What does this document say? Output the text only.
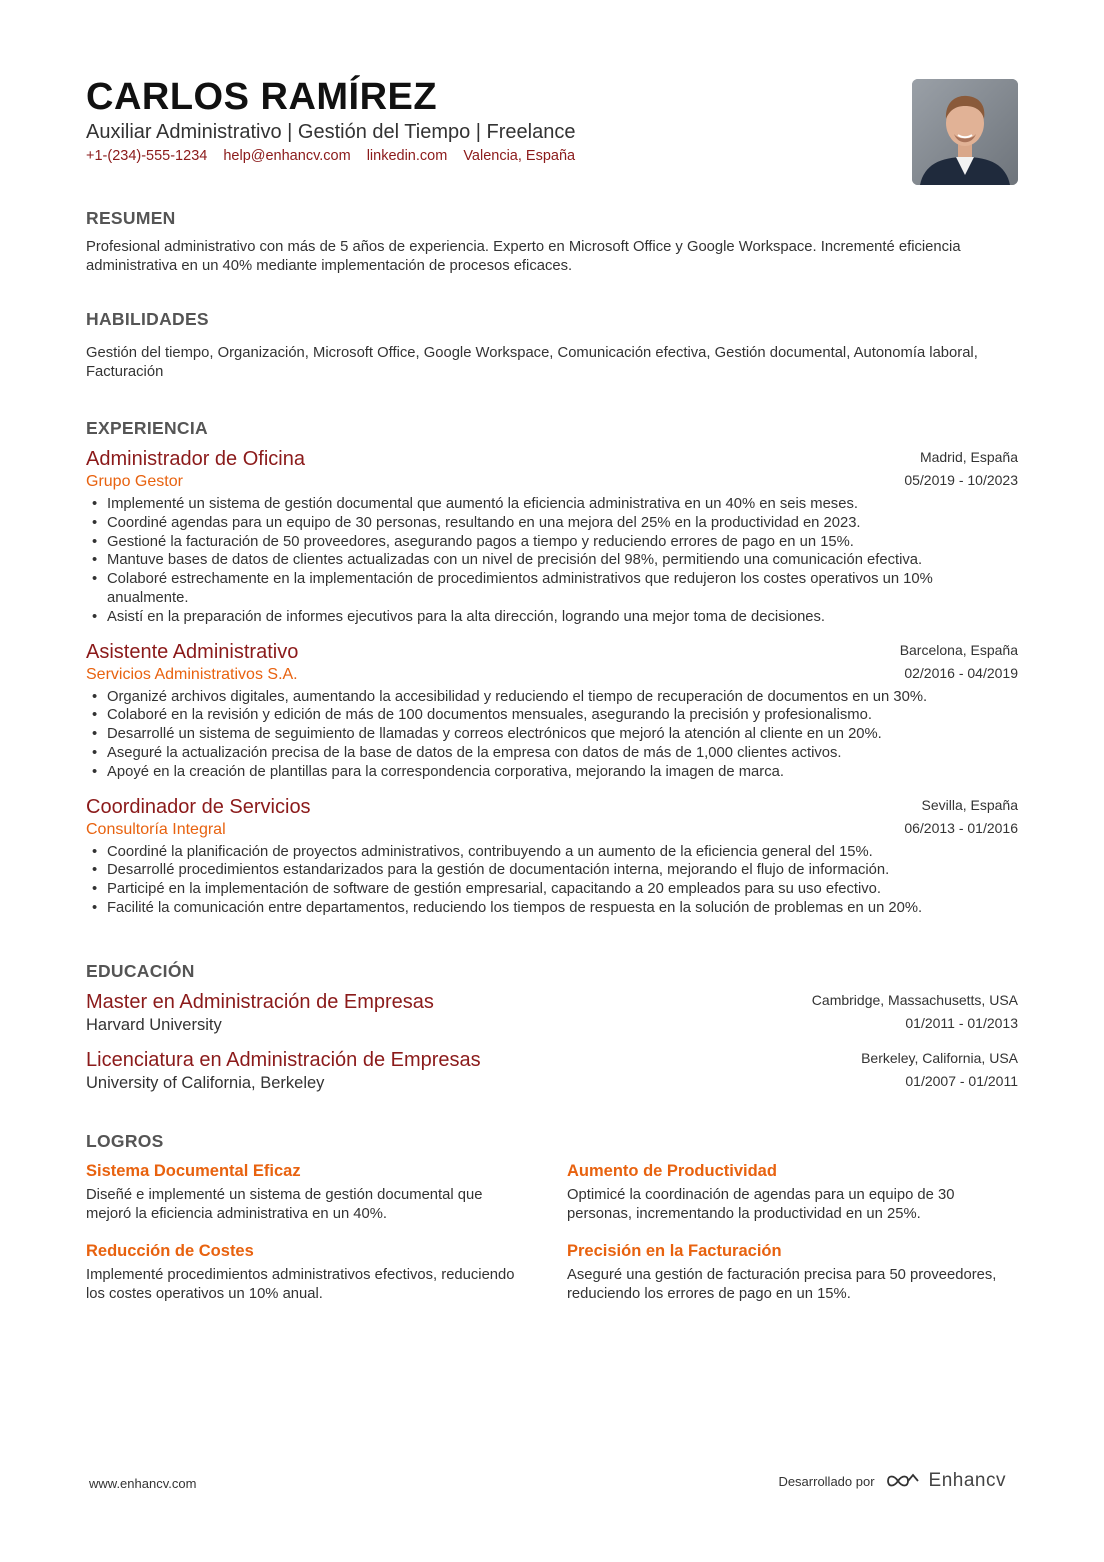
CARLOS RAMÍREZ
Auxiliar Administrativo | Gestión del Tiempo | Freelance
+1-(234)-555-1234 help@enhancv.com linkedin.com Valencia, España
RESUMEN
Profesional administrativo con más de 5 años de experiencia. Experto en Microsoft Office y Google Workspace. Incrementé eficiencia administrativa en un 40% mediante implementación de procesos eficaces.
HABILIDADES
Gestión del tiempo, Organización, Microsoft Office, Google Workspace, Comunicación efectiva, Gestión documental, Autonomía laboral, Facturación
EXPERIENCIA
Madrid, España
05/2019 - 10/2023
Administrador de Oficina
Grupo Gestor
• Implementé un sistema de gestión documental que aumentó la eficiencia administrativa en un 40% en seis meses.
• Coordiné agendas para un equipo de 30 personas, resultando en una mejora del 25% en la productividad en 2023.
• Gestioné la facturación de 50 proveedores, asegurando pagos a tiempo y reduciendo errores de pago en un 15%.
• Mantuve bases de datos de clientes actualizadas con un nivel de precisión del 98%, permitiendo una comunicación efectiva.
• Colaboré estrechamente en la implementación de procedimientos administrativos que redujeron los costes operativos un 10% anualmente.
• Asistí en la preparación de informes ejecutivos para la alta dirección, logrando una mejor toma de decisiones.
Barcelona, España
02/2016 - 04/2019
Asistente Administrativo
Servicios Administrativos S.A.
• Organizé archivos digitales, aumentando la accesibilidad y reduciendo el tiempo de recuperación de documentos en un 30%.
• Colaboré en la revisión y edición de más de 100 documentos mensuales, asegurando la precisión y profesionalismo.
• Desarrollé un sistema de seguimiento de llamadas y correos electrónicos que mejoró la atención al cliente en un 20%.
• Aseguré la actualización precisa de la base de datos de la empresa con datos de más de 1,000 clientes activos.
• Apoyé en la creación de plantillas para la correspondencia corporativa, mejorando la imagen de marca.
Sevilla, España
06/2013 - 01/2016
Coordinador de Servicios
Consultoría Integral
• Coordiné la planificación de proyectos administrativos, contribuyendo a un aumento de la eficiencia general del 15%.
• Desarrollé procedimientos estandarizados para la gestión de documentación interna, mejorando el flujo de información.
• Participé en la implementación de software de gestión empresarial, capacitando a 20 empleados para su uso efectivo.
• Facilité la comunicación entre departamentos, reduciendo los tiempos de respuesta en la solución de problemas en un 20%.
EDUCACIÓN
Cambridge, Massachusetts, USA
01/2011 - 01/2013
Master en Administración de Empresas
Harvard University
Berkeley, California, USA
01/2007 - 01/2011
Licenciatura en Administración de Empresas
University of California, Berkeley
LOGROS
Sistema Documental Eficaz
Diseñé e implementé un sistema de gestión documental que mejoró la eficiencia administrativa en un 40%.
Aumento de Productividad
Optimicé la coordinación de agendas para un equipo de 30 personas, incrementando la productividad en un 25%.
Reducción de Costes
Implementé procedimientos administrativos efectivos, reduciendo los costes operativos un 10% anual.
Precisión en la Facturación
Aseguré una gestión de facturación precisa para 50 proveedores, reduciendo los errores de pago en un 15%.
www.enhancv.com	Desarrollado por	Enhancv
